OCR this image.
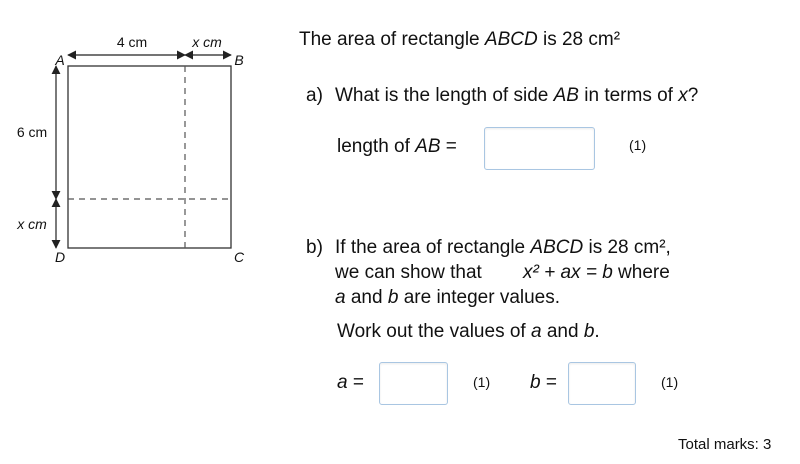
4 cm	x cm
6 cm
x cm
A	B
C
D
The area of rectangle ABCD is 28 cm²
a) What is the length of side AB in terms of x?
length of AB =	(1)
b) If the area of rectangle ABCD is 28 cm²,
we can show that x² + ax = b where
a and b are integer values.
Work out the values of a and b.
a =	(1) b =	(1)
Total marks: 3
